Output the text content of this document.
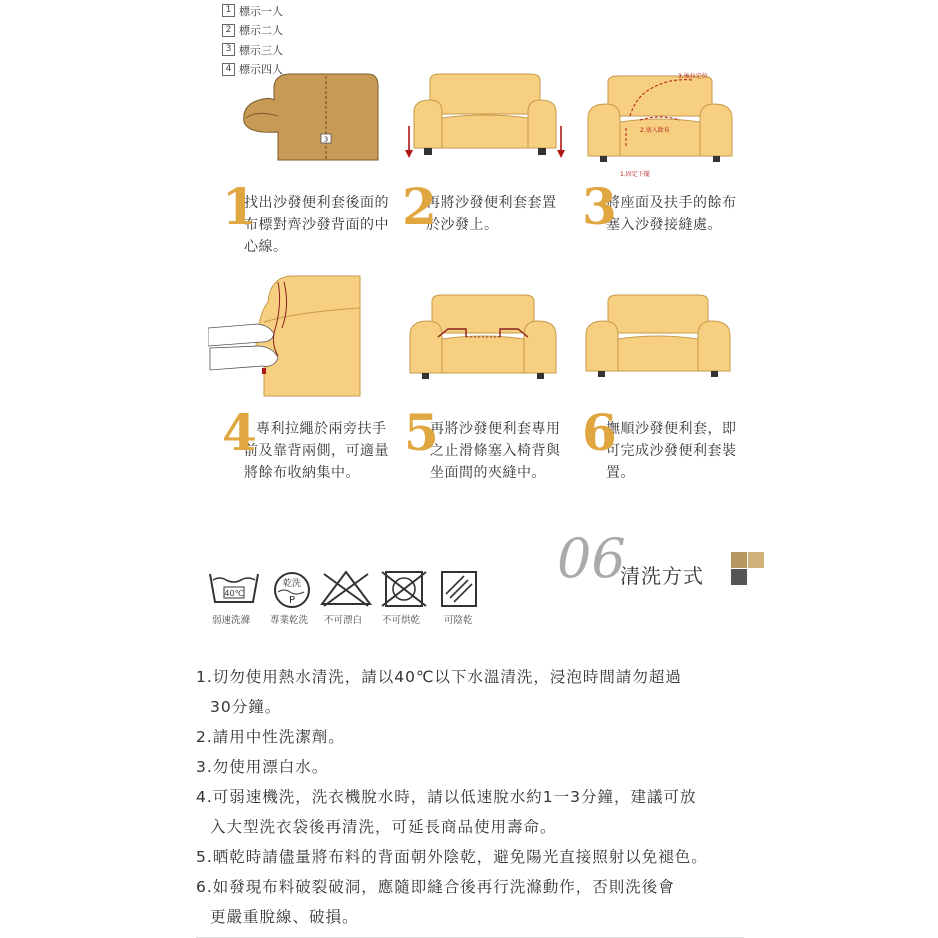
1 標示一人
2 標示二人
3 標示三人
4 標示四人
3
3.後拉定位
2.塞入餘布
1.固定下擺
1
找出沙發便利套後面的布標對齊沙發背面的中心線。
2
再將沙發便利套套置於沙發上。	3
將座面及扶手的餘布塞入沙發接縫處。
4 專利拉繩於兩旁扶手前及靠背兩側，可適量將餘布收納集中。
5
再將沙發便利套專用之止滑條塞入椅背與坐面間的夾縫中。
6
撫順沙發便利套，即可完成沙發便利套裝置。
06
清洗方式
40℃
乾洗
P
弱速洗滌 專業乾洗 不可漂白 不可烘乾	可陰乾
1.切勿使用熱水清洗，請以40℃以下水溫清洗，浸泡時間請勿超過
30分鐘。
2.請用中性洗潔劑。
3.勿使用漂白水。
4.可弱速機洗，洗衣機脫水時，請以低速脫水約1一3分鐘，建議可放
入大型洗衣袋後再清洗，可延長商品使用壽命。
5.晒乾時請儘量將布料的背面朝外陰乾，避免陽光直接照射以免褪色。
6.如發現布料破裂破洞，應隨即縫合後再行洗滌動作，否則洗後會
更嚴重脫線、破損。
